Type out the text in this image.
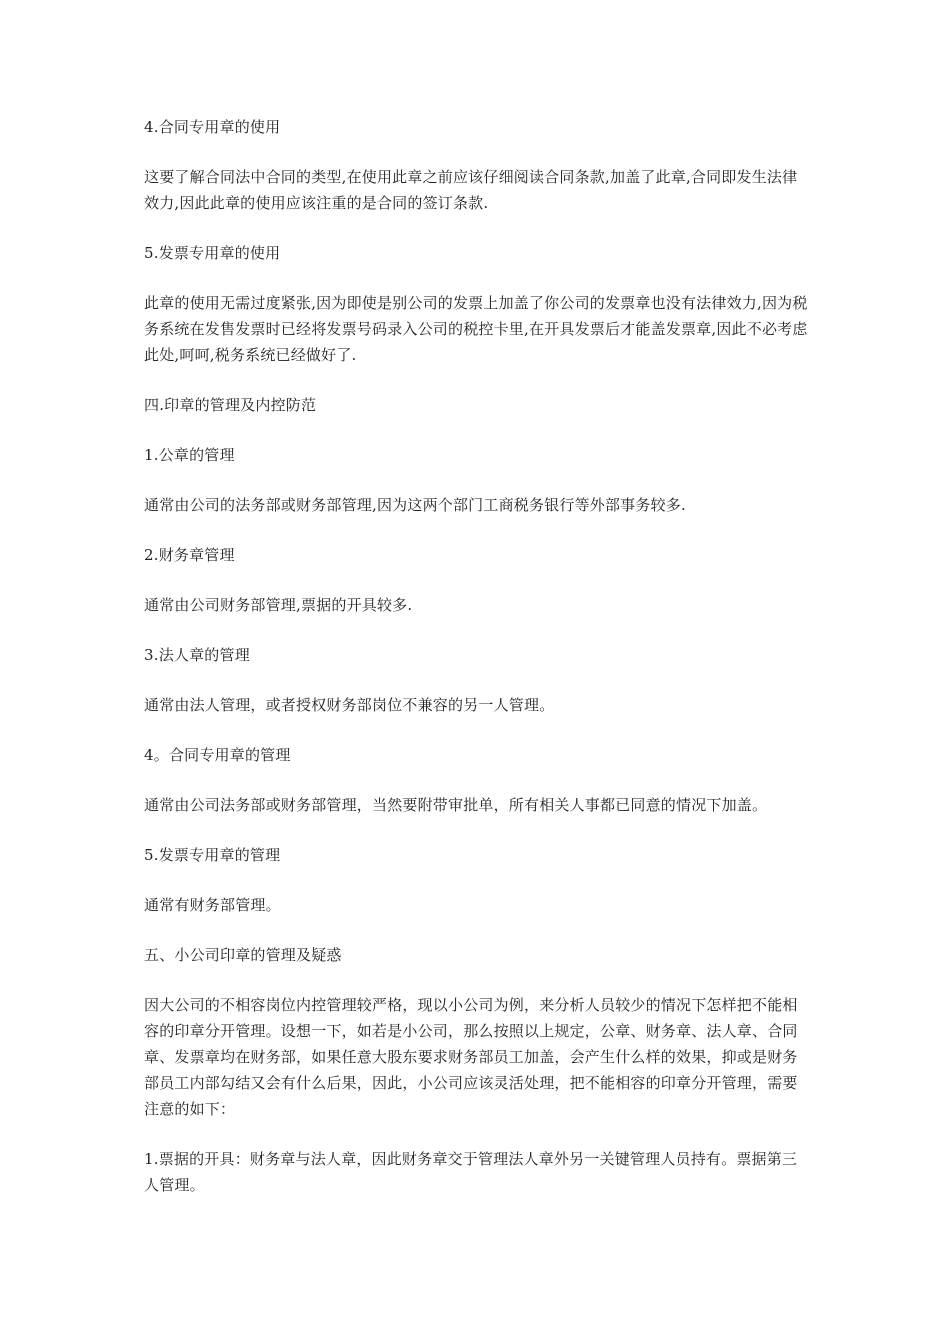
4.合同专用章的使用

这要了解合同法中合同的类型,在使用此章之前应该仔细阅读合同条款,加盖了此章,合同即发生法律效力,因此此章的使用应该注重的是合同的签订条款.

5.发票专用章的使用

此章的使用无需过度紧张,因为即使是别公司的发票上加盖了你公司的发票章也没有法律效力,因为税务系统在发售发票时已经将发票号码录入公司的税控卡里,在开具发票后才能盖发票章,因此不必考虑此处,呵呵,税务系统已经做好了.

四.印章的管理及内控防范

1.公章的管理

通常由公司的法务部或财务部管理,因为这两个部门工商税务银行等外部事务较多.

2.财务章管理

通常由公司财务部管理,票据的开具较多.

3.法人章的管理

通常由法人管理，或者授权财务部岗位不兼容的另一人管理。

4。合同专用章的管理

通常由公司法务部或财务部管理，当然要附带审批单，所有相关人事都已同意的情况下加盖。

5.发票专用章的管理

通常有财务部管理。

五、小公司印章的管理及疑惑

因大公司的不相容岗位内控管理较严格，现以小公司为例，来分析人员较少的情况下怎样把不能相容的印章分开管理。设想一下，如若是小公司，那么按照以上规定，公章、财务章、法人章、合同章、发票章均在财务部，如果任意大股东要求财务部员工加盖，会产生什么样的效果，抑或是财务部员工内部勾结又会有什么后果，因此，小公司应该灵活处理，把不能相容的印章分开管理，需要注意的如下：

1.票据的开具：财务章与法人章，因此财务章交于管理法人章外另一关键管理人员持有。票据第三人管理。
